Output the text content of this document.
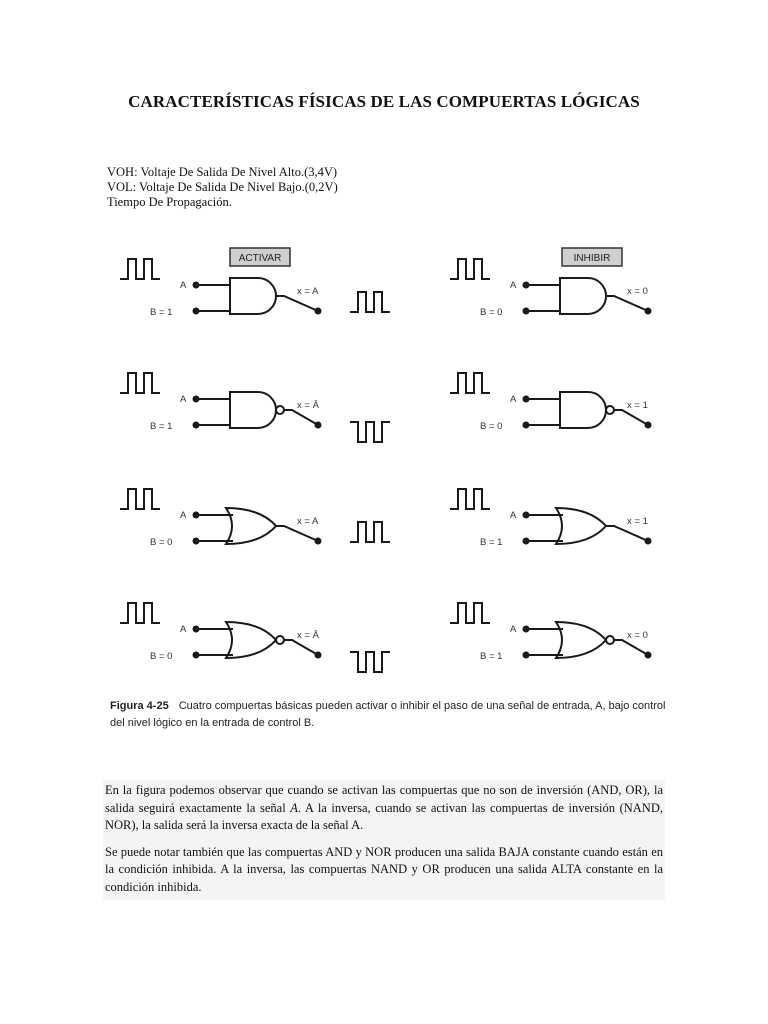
CARACTERÍSTICAS FÍSICAS DE LAS COMPUERTAS LÓGICAS
VOH: Voltaje De Salida De Nivel Alto.(3,4V)
VOL: Voltaje De Salida De Nivel Bajo.(0,2V)
Tiempo De Propagación.
ACTIVAR	INHIBIR
A
B = 1
x = A
A
B = 0
x = 0
A
B = 1
x = Ā
A
B = 0
x = 1
A
B = 0
x = A
A
B = 1
x = 1
A
B = 0
x = Ā
A
B = 1
x = 0
Figura 4-25 Cuatro compuertas básicas pueden activar o inhibir el paso de una señal de entrada, A, bajo control del nivel lógico en la entrada de control B.

En la figura podemos observar que cuando se activan las compuertas que no son de inversión (AND, OR), la salida seguirá exactamente la señal A. A la inversa, cuando se activan las compuertas de inversión (NAND, NOR), la salida será la inversa exacta de la señal A.

Se puede notar también que las compuertas AND y NOR producen una salida BAJA constante cuando están en la condición inhibida. A la inversa, las compuertas NAND y OR producen una salida ALTA constante en la condición inhibida.
